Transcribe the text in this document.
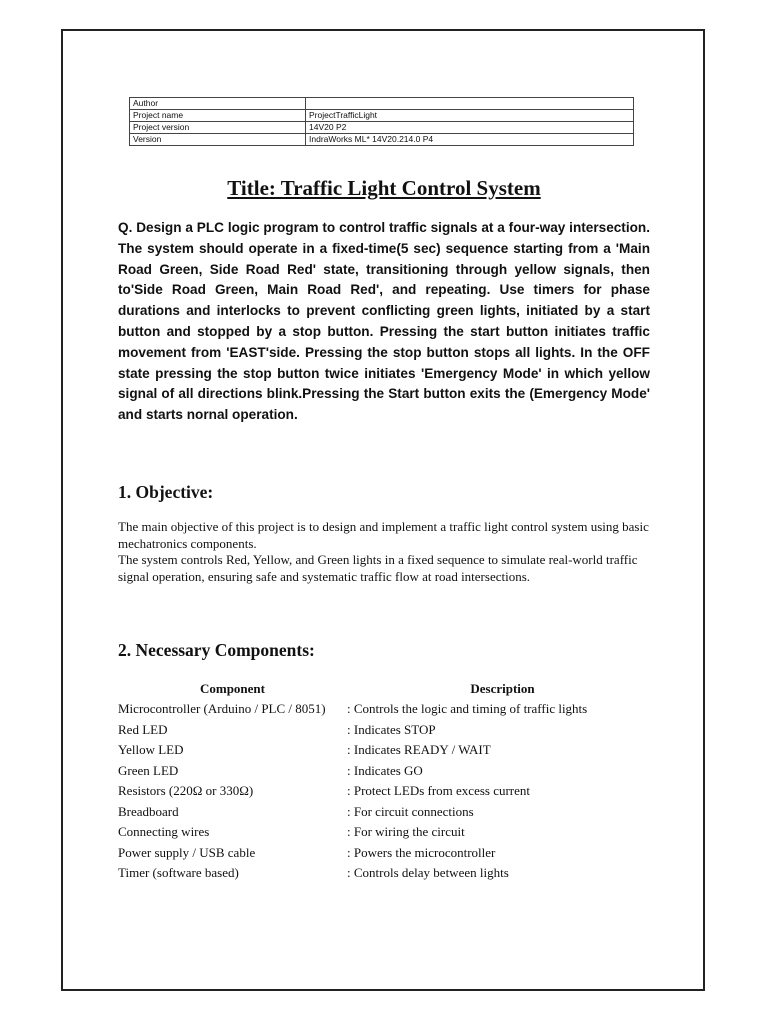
Author	
Project name	ProjectTrafficLight
Project version	14V20 P2
Version	IndraWorks ML* 14V20.214.0 P4
Title: Traffic Light Control System
Q. Design a PLC logic program to control traffic signals at a four-way intersection. The system should operate in a fixed-time(5 sec) sequence starting from a 'Main Road Green, Side Road Red' state, transitioning through yellow signals, then to'Side Road Green, Main Road Red', and repeating. Use timers for phase durations and interlocks to prevent conflicting green lights, initiated by a start button and stopped by a stop button. Pressing the start button initiates traffic movement from 'EAST'side. Pressing the stop button stops all lights. In the OFF state pressing the stop button twice initiates 'Emergency Mode' in which yellow signal of all directions blink.Pressing the Start button exits the (Emergency Mode' and starts nornal operation.
1. Objective:
The main objective of this project is to design and implement a traffic light control system using basic mechatronics components.
The system controls Red, Yellow, and Green lights in a fixed sequence to simulate real-world traffic signal operation, ensuring safe and systematic traffic flow at road intersections.
2. Necessary Components:
Component	Description
Microcontroller (Arduino / PLC / 8051)	: Controls the logic and timing of traffic lights
Red LED	: Indicates STOP
Yellow LED	: Indicates READY / WAIT
Green LED	: Indicates GO
Resistors (220Ω or 330Ω)	: Protect LEDs from excess current
Breadboard	: For circuit connections
Connecting wires	: For wiring the circuit
Power supply / USB cable	: Powers the microcontroller
Timer (software based)	: Controls delay between lights
